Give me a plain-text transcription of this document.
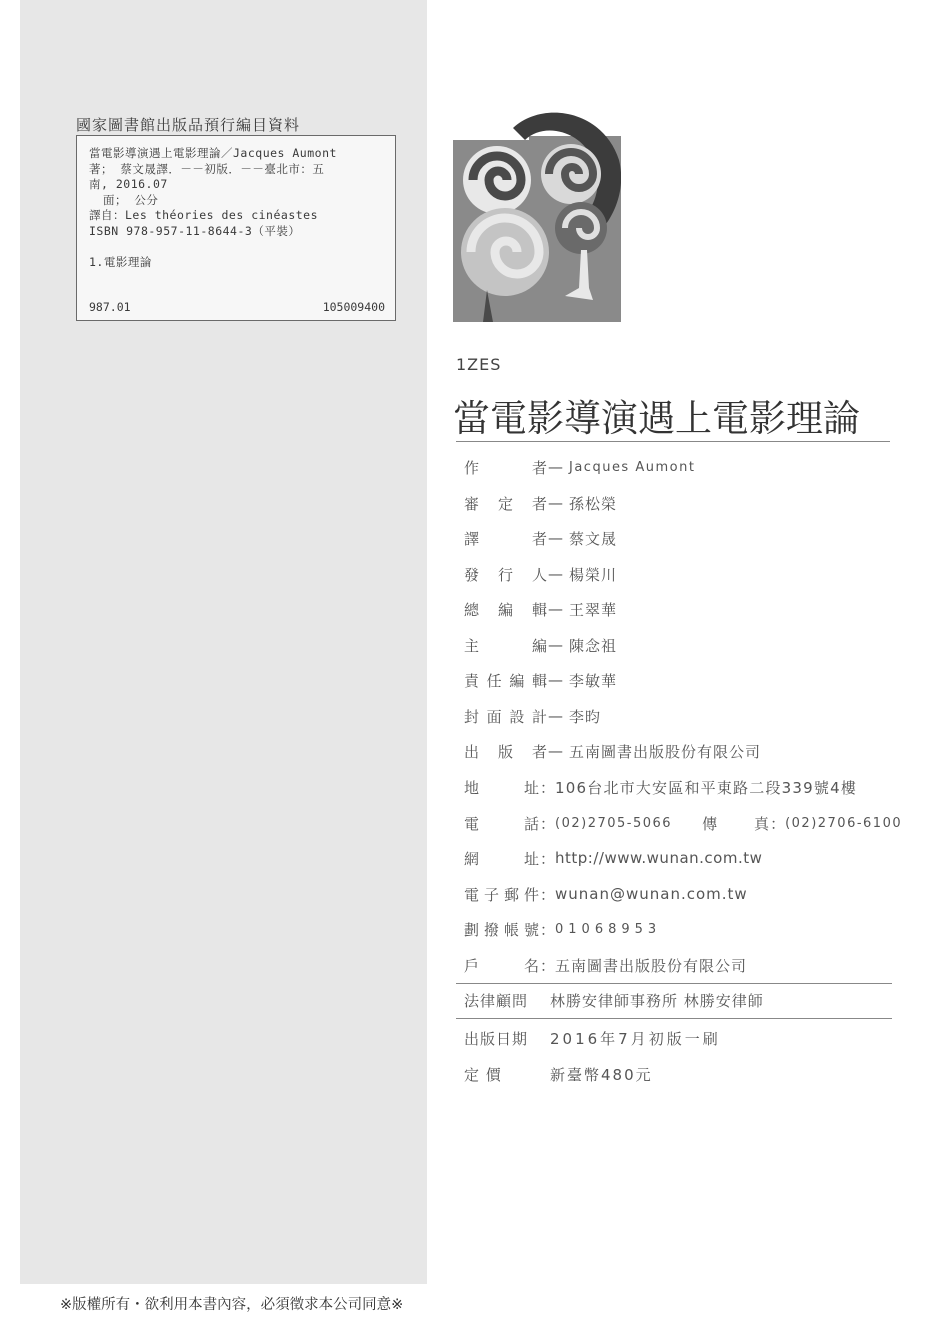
國家圖書館出版品預行編目資料
當電影導演遇上電影理論／Jacques Aumont
著； 蔡文晟譯．－－初版．－－臺北市：五
南, 2016.07
面； 公分
譯自：Les théories des cinéastes
ISBN 978-957-11-8644-3（平裝）
1.電影理論
987.01	105009400
※版權所有・欲利用本書內容，必須徵求本公司同意※
1ZES
當電影導演遇上電影理論
作 者 — Jacques Aumont
審定者 — 孫松榮
譯 者 — 蔡文晟
發行人 — 楊榮川
總編輯 — 王翠華
主 編 — 陳念祖
責任編輯 — 李敏華
封面設計 — 李昀
出版者 — 五南圖書出版股份有限公司
地 址 ： 106台北市大安區和平東路二段339號4樓
電 話 ： (02)2705-5066 傳 真 ： (02)2706-6100
網 址 ： http://www.wunan.com.tw
電子郵件 ： wunan@wunan.com.tw
劃撥帳號 ： 01068953
戶 名 ： 五南圖書出版股份有限公司
法律顧問	林勝安律師事務所 林勝安律師
出版日期	2016年7月初版一刷
定 價	新臺幣480元
